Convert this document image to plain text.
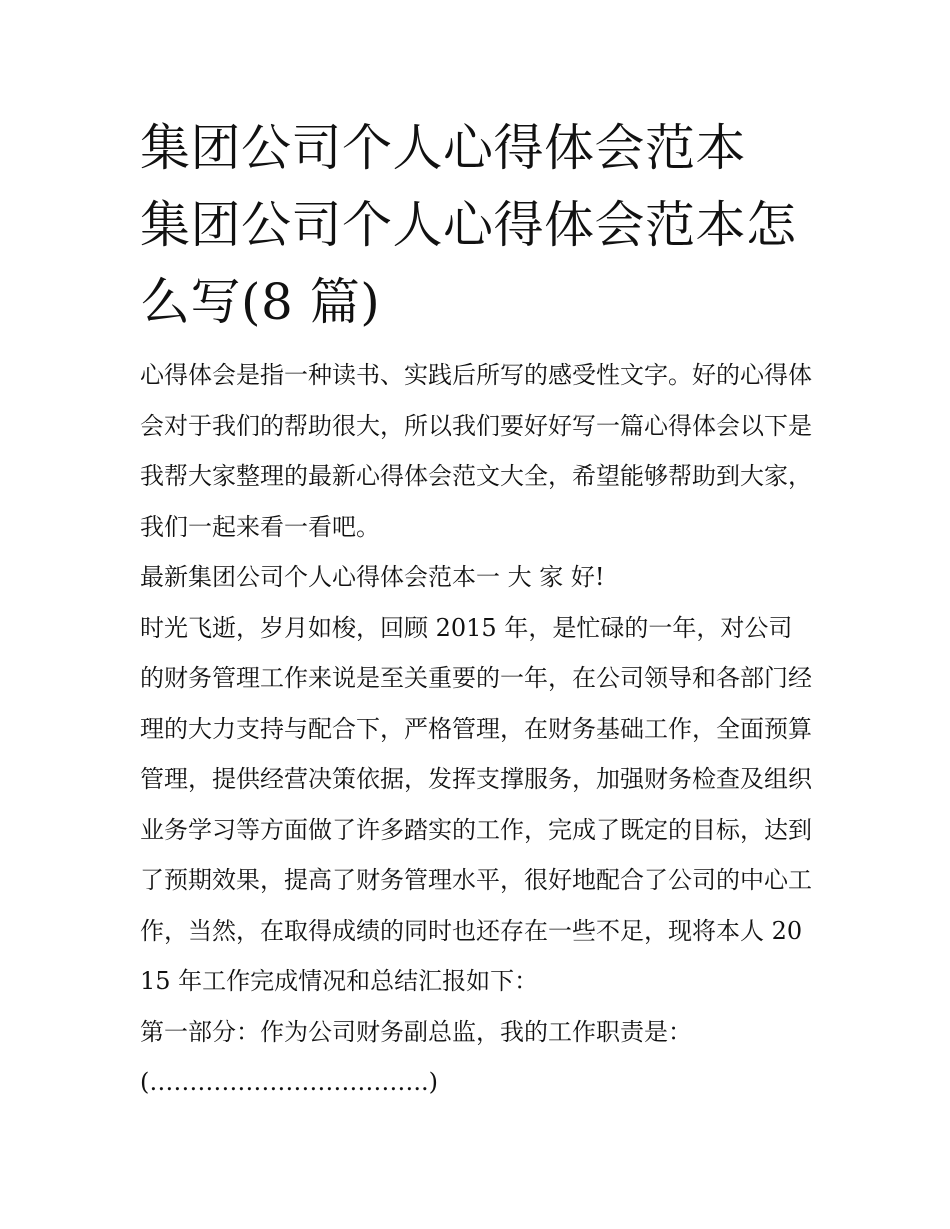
集团公司个人心得体会范本 集团公司个人心得体会范本怎么写(8 篇)

心得体会是指一种读书、实践后所写的感受性文字。好的心得体会对于我们的帮助很大，所以我们要好好写一篇心得体会以下是我帮大家整理的最新心得体会范文大全，希望能够帮助到大家，我们一起来看一看吧。

最新集团公司个人心得体会范本一 大 家 好!

时光飞逝，岁月如梭，回顾 2015 年，是忙碌的一年，对公司的财务管理工作来说是至关重要的一年，在公司领导和各部门经理的大力支持与配合下，严格管理，在财务基础工作，全面预算管理，提供经营决策依据，发挥支撑服务，加强财务检查及组织业务学习等方面做了许多踏实的工作，完成了既定的目标，达到了预期效果，提高了财务管理水平，很好地配合了公司的中心工作，当然，在取得成绩的同时也还存在一些不足，现将本人 2015 年工作完成情况和总结汇报如下：

第一部分：作为公司财务副总监，我的工作职责是：

(……………………………..)
